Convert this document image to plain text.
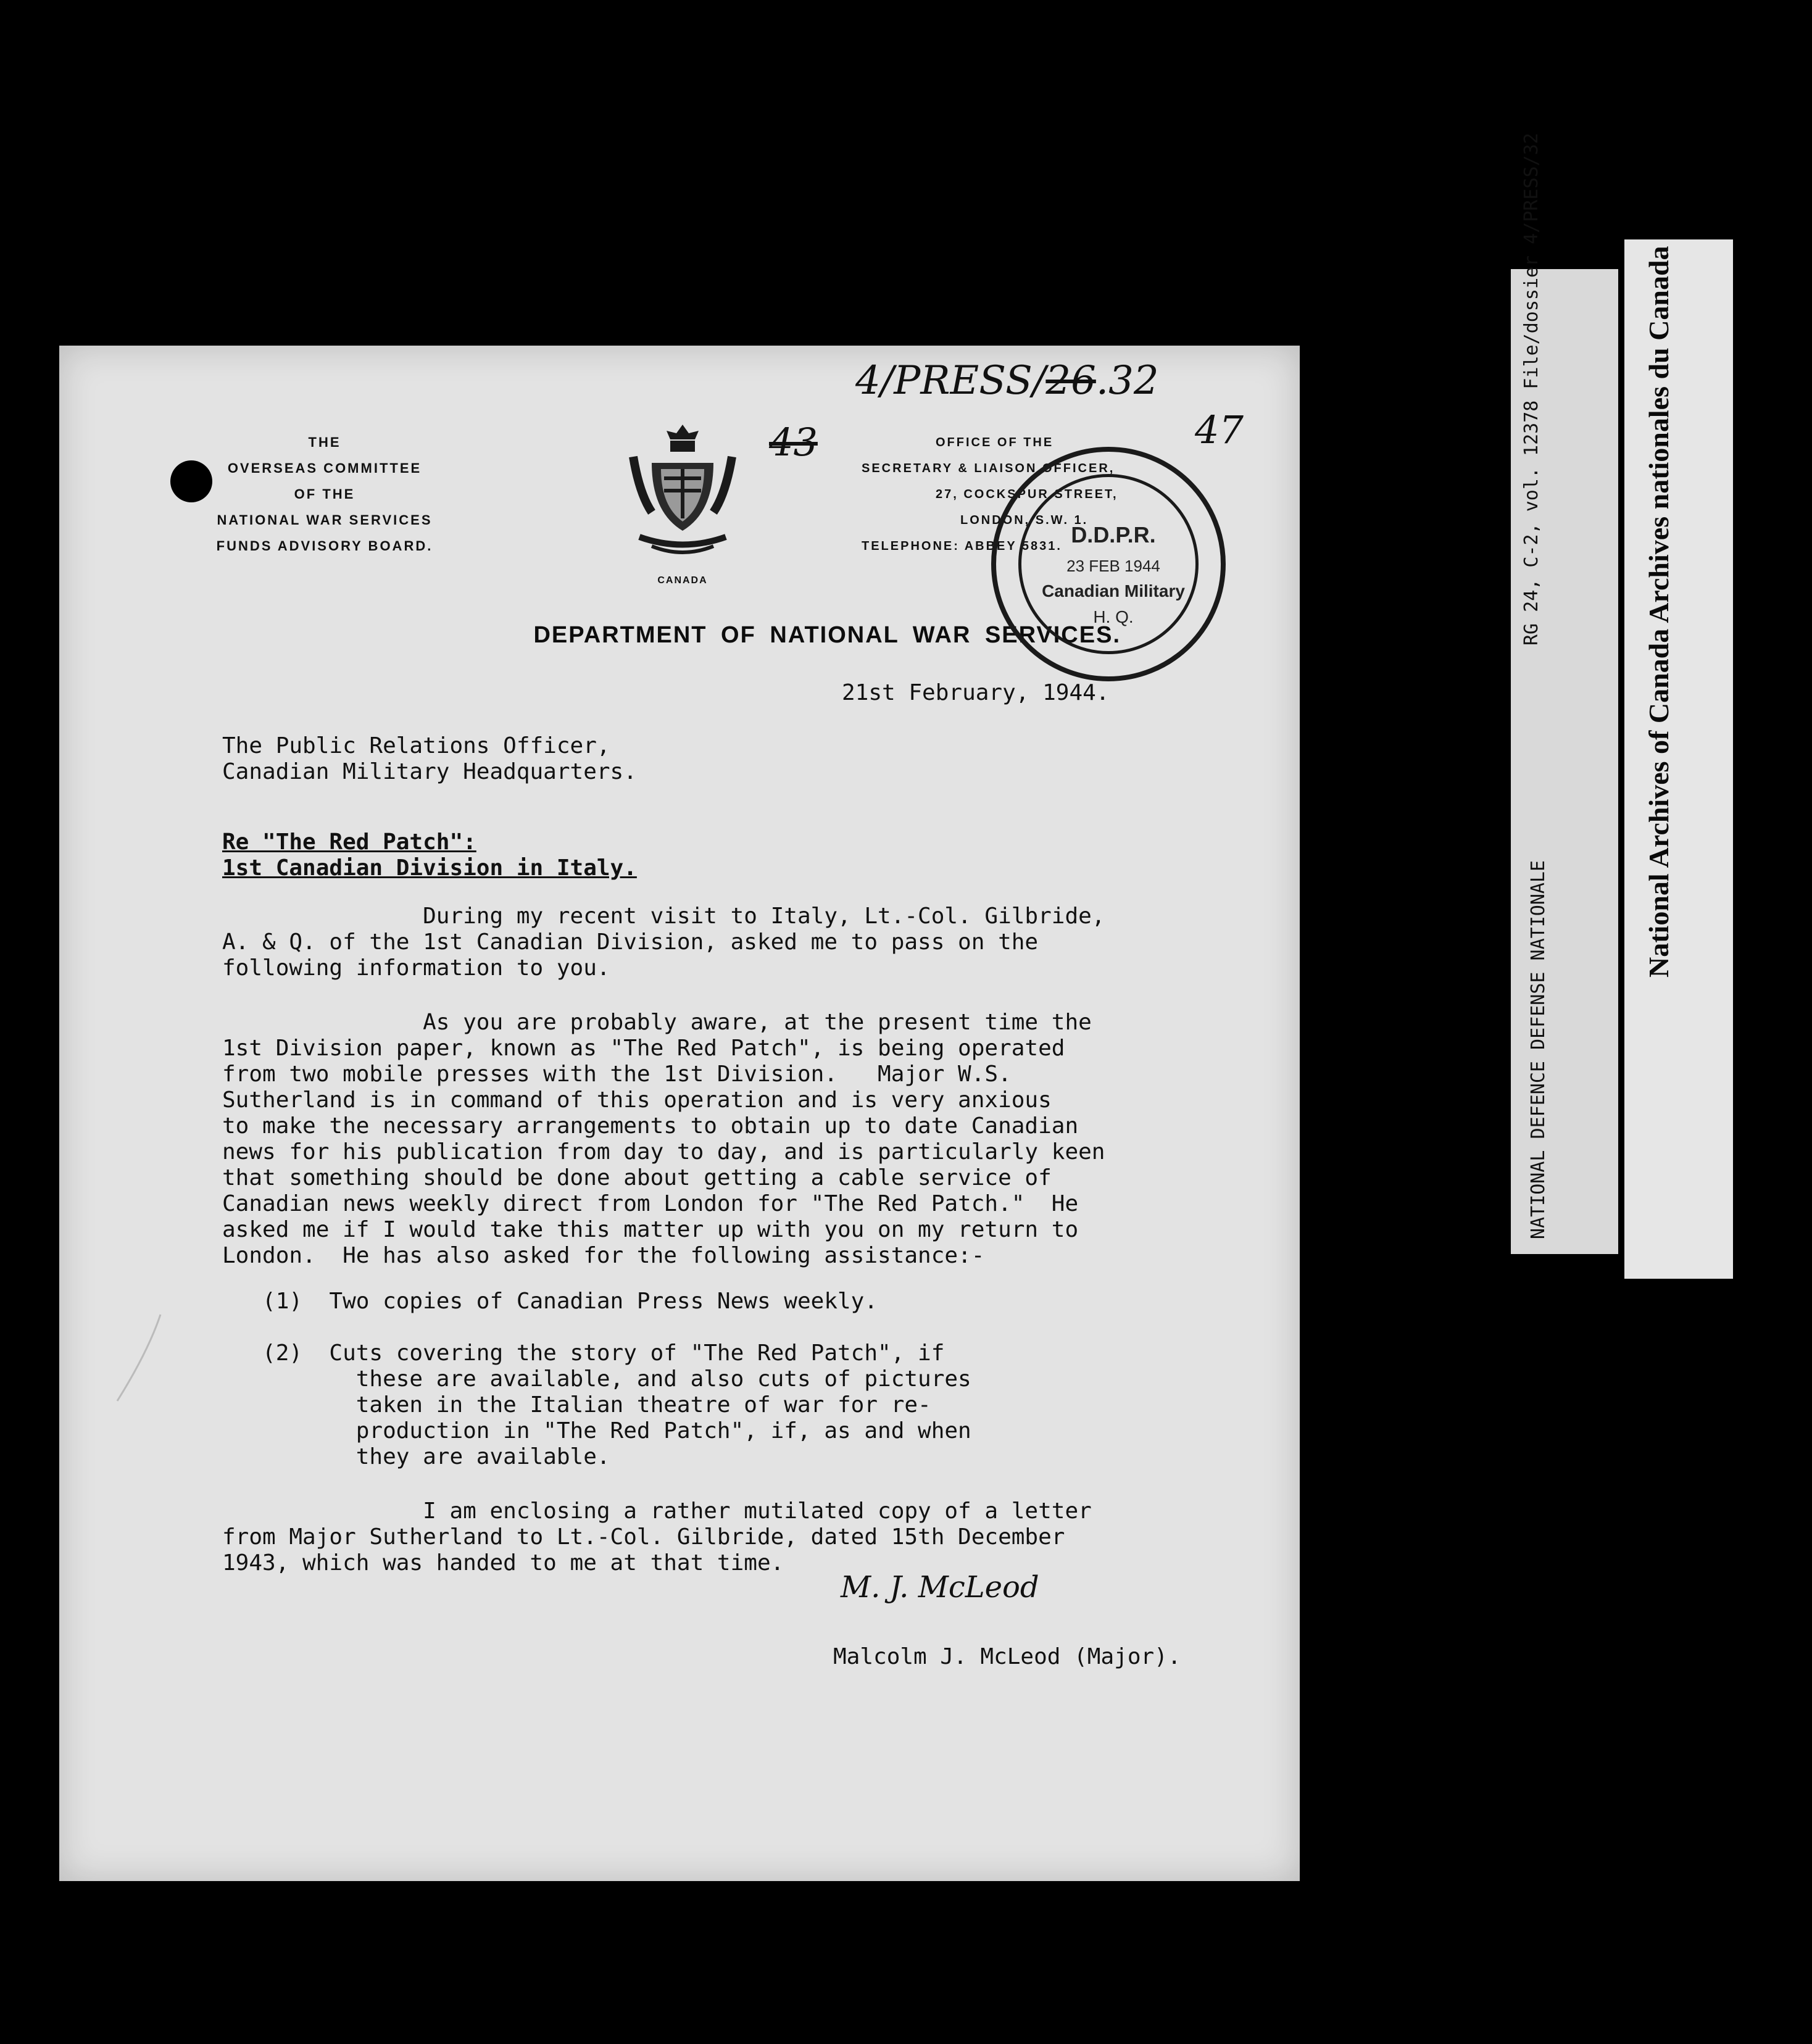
THE
OVERSEAS COMMITTEE
OF THE
NATIONAL WAR SERVICES
FUNDS ADVISORY BOARD.
CANADA
OFFICE OF THE
SECRETARY & LIAISON OFFICER,
27, COCKSPUR STREET,
LONDON, S.W. 1.
TELEPHONE: ABBEY 5831.
DEPARTMENT OF NATIONAL WAR SERVICES.
4/PRESS/26.32
43	47
D.D.P.R.
23 FEB 1944
Canadian Military
H. Q.
21st February, 1944.
The Public Relations Officer,
Canadian Military Headquarters.
Re "The Red Patch":
1st Canadian Division in Italy.
During my recent visit to Italy, Lt.-Col. Gilbride,
A. & Q. of the 1st Canadian Division, asked me to pass on the
following information to you.
As you are probably aware, at the present time the
1st Division paper, known as "The Red Patch", is being operated
from two mobile presses with the 1st Division.   Major W.S.
Sutherland is in command of this operation and is very anxious
to make the necessary arrangements to obtain up to date Canadian
news for his publication from day to day, and is particularly keen
that something should be done about getting a cable service of
Canadian news weekly direct from London for "The Red Patch."  He
asked me if I would take this matter up with you on my return to
London.  He has also asked for the following assistance:-
(1)  Two copies of Canadian Press News weekly.

(2)  Cuts covering the story of "The Red Patch", if
these are available, and also cuts of pictures
taken in the Italian theatre of war for re-
production in "The Red Patch", if, as and when
they are available.
I am enclosing a rather mutilated copy of a letter
from Major Sutherland to Lt.-Col. Gilbride, dated 15th December
1943, which was handed to me at that time.
M. J. McLeod
Malcolm J. McLeod (Major).
RG 24, C-2, vol. 12378 File/dossier 4/PRESS/32
NATIONAL DEFENCE DEFENSE NATIONALE
National Archives of Canada Archives nationales du Canada
